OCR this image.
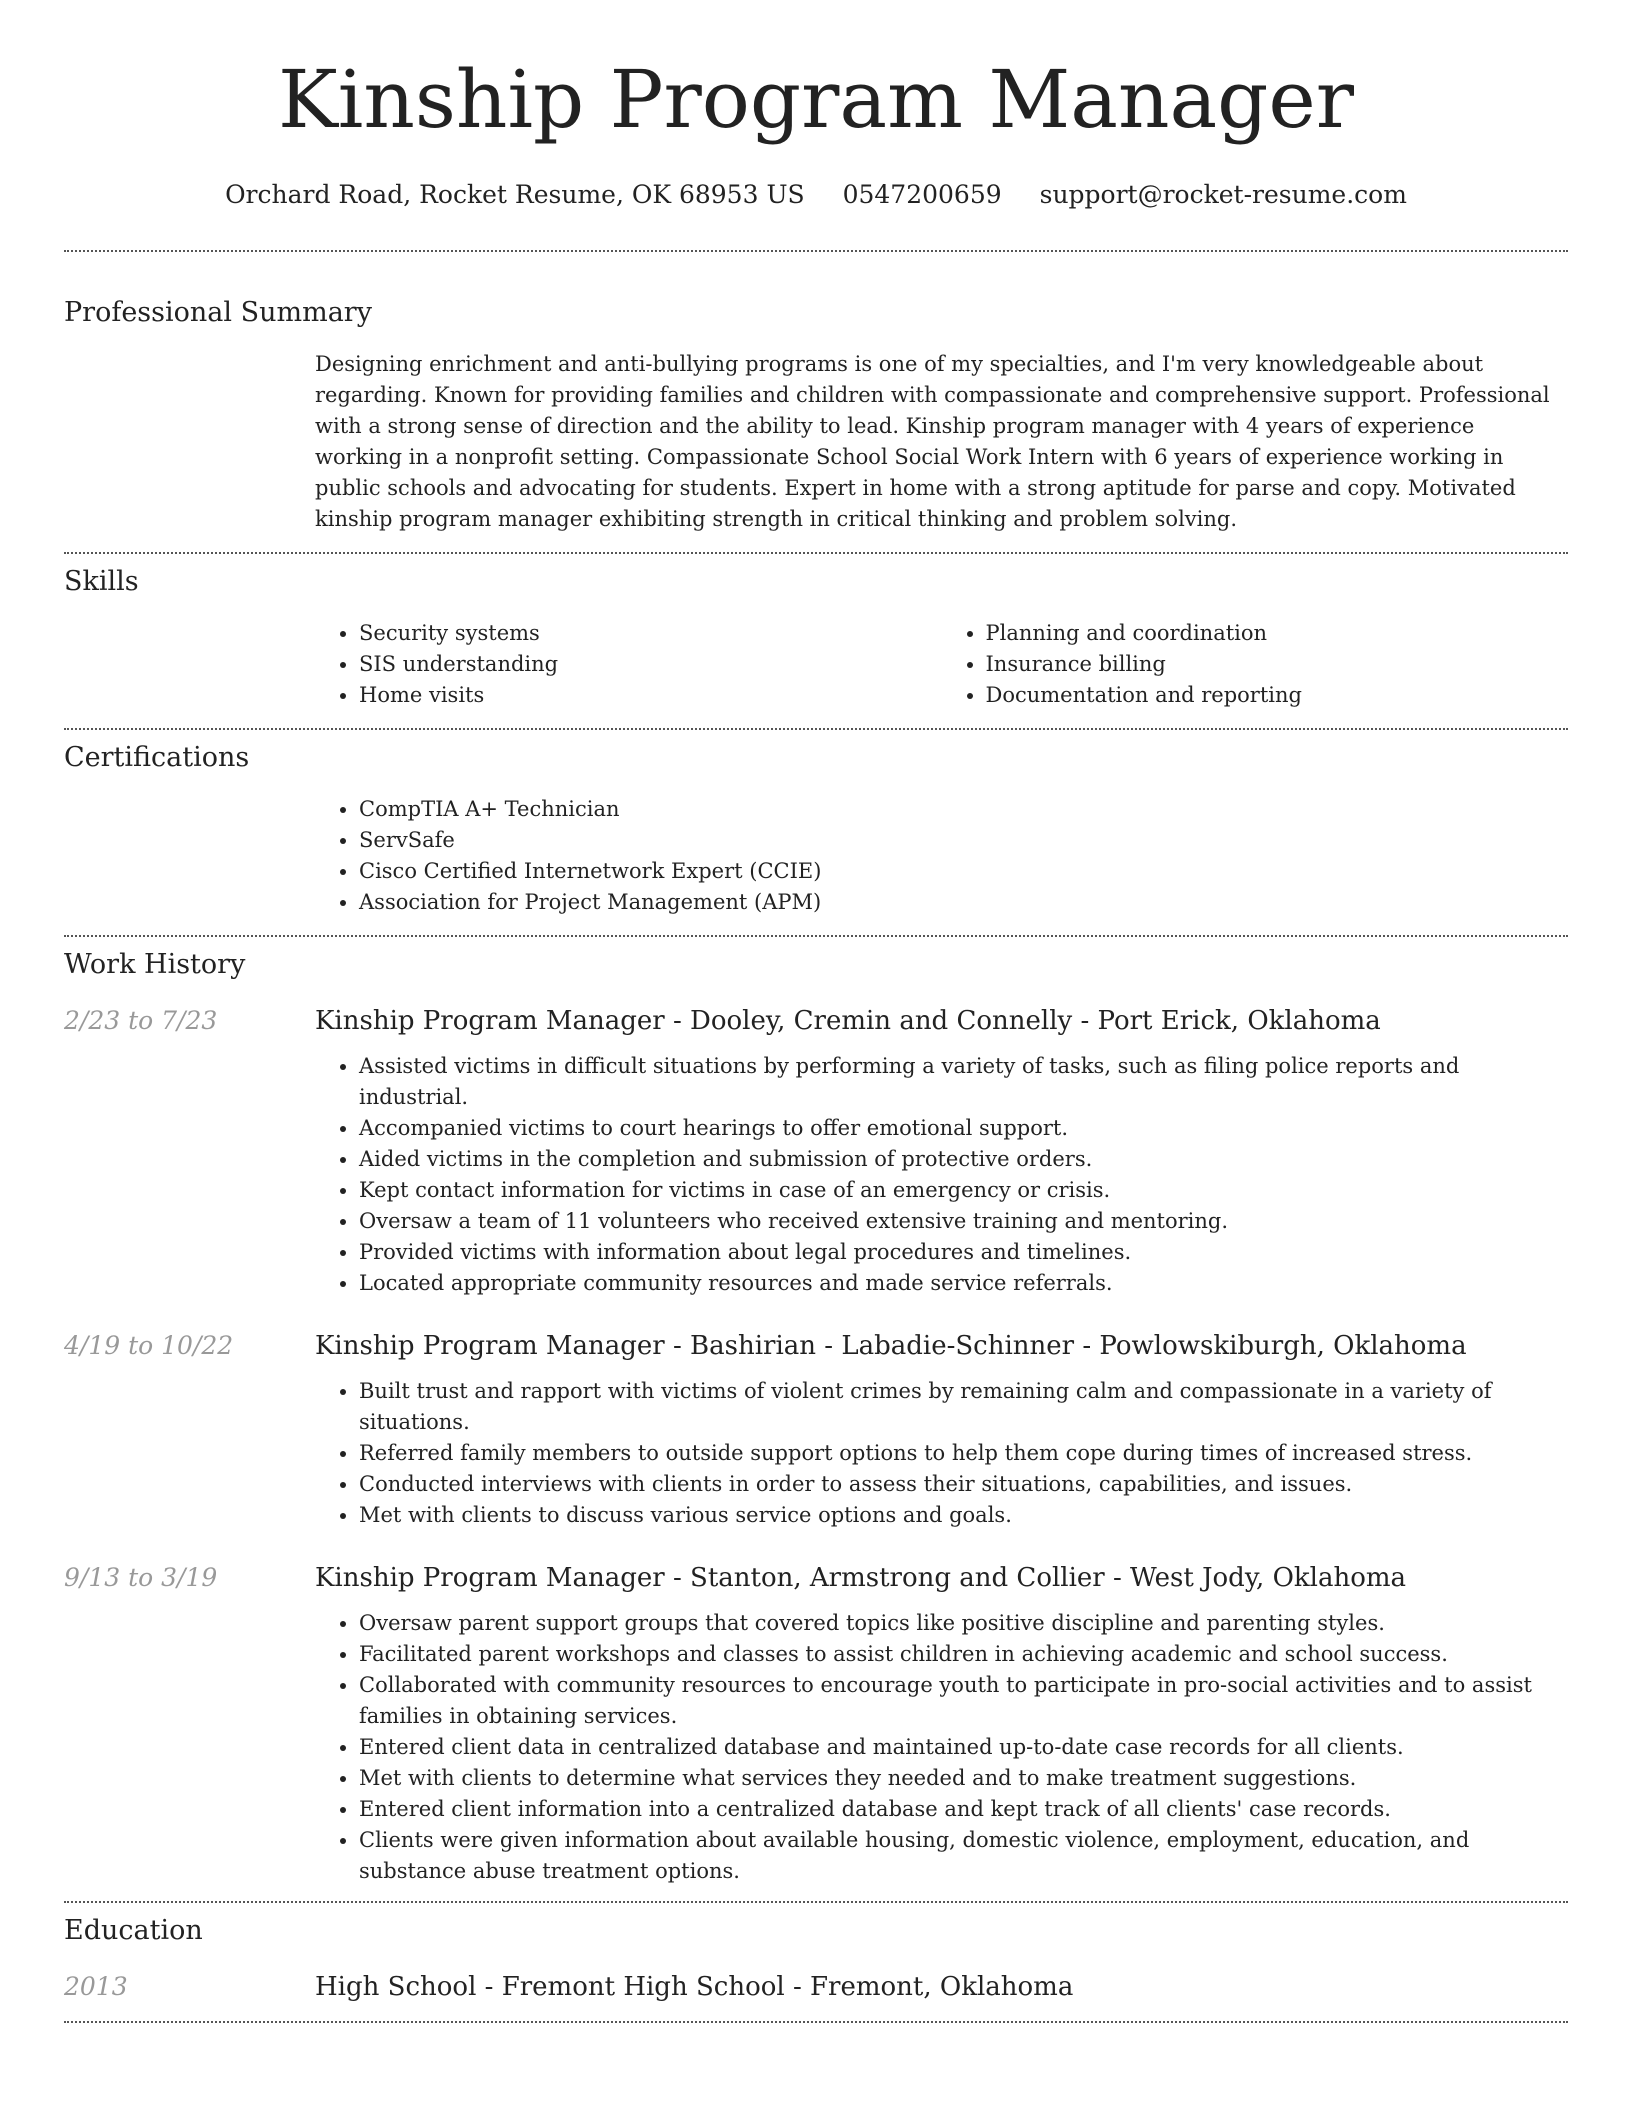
Kinship Program Manager
Orchard Road, Rocket Resume, OK 68953 US 0547200659 support@rocket-resume.com
Professional Summary
Designing enrichment and anti-bullying programs is one of my specialties, and I'm very knowledgeable about regarding. Known for providing families and children with compassionate and comprehensive support. Professional with a strong sense of direction and the ability to lead. Kinship program manager with 4 years of experience working in a nonprofit setting. Compassionate School Social Work Intern with 6 years of experience working in public schools and advocating for students. Expert in home with a strong aptitude for parse and copy. Motivated kinship program manager exhibiting strength in critical thinking and problem solving.
Skills
• Security systems
• SIS understanding
• Home visits
• Planning and coordination
• Insurance billing
• Documentation and reporting
Certifications
• CompTIA A+ Technician
• ServSafe
• Cisco Certified Internetwork Expert (CCIE)
• Association for Project Management (APM)
Work History
2/23 to 7/23	Kinship Program Manager - Dooley, Cremin and Connelly - Port Erick, Oklahoma
• Assisted victims in difficult situations by performing a variety of tasks, such as filing police reports and industrial.
• Accompanied victims to court hearings to offer emotional support.
• Aided victims in the completion and submission of protective orders.
• Kept contact information for victims in case of an emergency or crisis.
• Oversaw a team of 11 volunteers who received extensive training and mentoring.
• Provided victims with information about legal procedures and timelines.
• Located appropriate community resources and made service referrals.
4/19 to 10/22	Kinship Program Manager - Bashirian - Labadie-Schinner - Powlowskiburgh, Oklahoma
• Built trust and rapport with victims of violent crimes by remaining calm and compassionate in a variety of situations.
• Referred family members to outside support options to help them cope during times of increased stress.
• Conducted interviews with clients in order to assess their situations, capabilities, and issues.
• Met with clients to discuss various service options and goals.
9/13 to 3/19	Kinship Program Manager - Stanton, Armstrong and Collier - West Jody, Oklahoma
• Oversaw parent support groups that covered topics like positive discipline and parenting styles.
• Facilitated parent workshops and classes to assist children in achieving academic and school success.
• Collaborated with community resources to encourage youth to participate in pro-social activities and to assist families in obtaining services.
• Entered client data in centralized database and maintained up-to-date case records for all clients.
• Met with clients to determine what services they needed and to make treatment suggestions.
• Entered client information into a centralized database and kept track of all clients' case records.
• Clients were given information about available housing, domestic violence, employment, education, and substance abuse treatment options.
Education
2013	High School - Fremont High School - Fremont, Oklahoma
